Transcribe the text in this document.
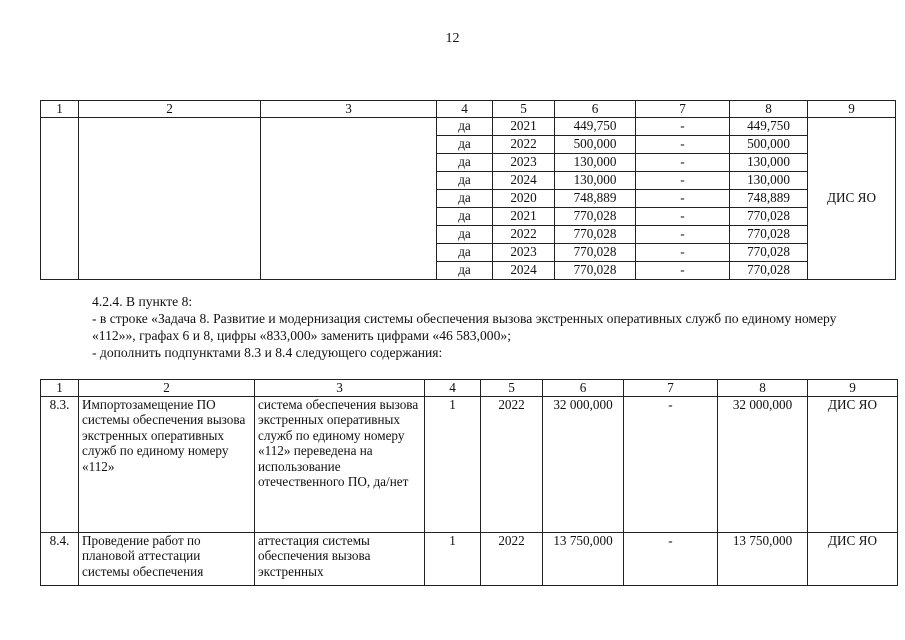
12
1	2	3	4	5	6	7	8	9
			да	2021	449,750	-	449,750	ДИС ЯО
			да	2022	500,000	-	500,000	
			да	2023	130,000	-	130,000	
			да	2024	130,000	-	130,000	
			да	2020	748,889	-	748,889	
			да	2021	770,028	-	770,028	
			да	2022	770,028	-	770,028	
			да	2023	770,028	-	770,028	
			да	2024	770,028	-	770,028	

4.2.4. В пункте 8:

- в строке «Задача 8. Развитие и модернизация системы обеспечения вызова экстренных оперативных служб по единому номеру «112»», графах 6 и 8, цифры «833,000» заменить цифрами «46 583,000»;

- дополнить подпунктами 8.3 и 8.4 следующего содержания:

1	2	3	4	5	6	7	8	9
8.3.	Импортозамещение ПО системы обеспечения вызова экстренных оперативных служб по единому номеру «112»	система обеспечения вызова экстренных оперативных служб по единому номеру «112» переведена на использование отечественного ПО, да/нет	1	2022	32 000,000	-	32 000,000	ДИС ЯО
8.4.	Проведение работ по плановой аттестации системы обеспечения	аттестация системы обеспечения вызова экстренных	1	2022	13 750,000	-	13 750,000	ДИС ЯО
